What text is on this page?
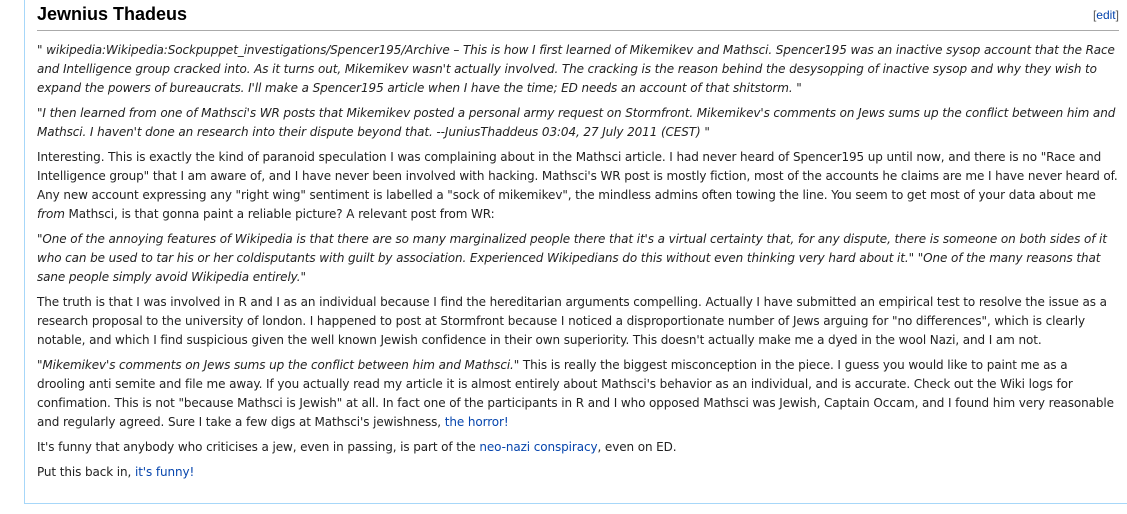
Jewnius Thadeus	[edit]

" wikipedia:Wikipedia:Sockpuppet_investigations/Spencer195/Archive – This is how I first learned of Mikemikev and Mathsci. Spencer195 was an inactive sysop account that the Race and Intelligence group cracked into. As it turns out, Mikemikev wasn't actually involved. The cracking is the reason behind the desysopping of inactive sysop and why they wish to expand the powers of bureaucrats. I'll make a Spencer195 article when I have the time; ED needs an account of that shitstorm. "

"I then learned from one of Mathsci's WR posts that Mikemikev posted a personal army request on Stormfront. Mikemikev's comments on Jews sums up the conflict between him and Mathsci. I haven't done an research into their dispute beyond that. --JuniusThaddeus 03:04, 27 July 2011 (CEST) "

Interesting. This is exactly the kind of paranoid speculation I was complaining about in the Mathsci article. I had never heard of Spencer195 up until now, and there is no "Race and Intelligence group" that I am aware of, and I have never been involved with hacking. Mathsci's WR post is mostly fiction, most of the accounts he claims are me I have never heard of. Any new account expressing any "right wing" sentiment is labelled a "sock of mikemikev", the mindless admins often towing the line. You seem to get most of your data about me from Mathsci, is that gonna paint a reliable picture? A relevant post from WR:

"One of the annoying features of Wikipedia is that there are so many marginalized people there that it's a virtual certainty that, for any dispute, there is someone on both sides of it who can be used to tar his or her coldisputants with guilt by association. Experienced Wikipedians do this without even thinking very hard about it." "One of the many reasons that sane people simply avoid Wikipedia entirely."

The truth is that I was involved in R and I as an individual because I find the hereditarian arguments compelling. Actually I have submitted an empirical test to resolve the issue as a research proposal to the university of london. I happened to post at Stormfront because I noticed a disproportionate number of Jews arguing for "no differences", which is clearly notable, and which I find suspicious given the well known Jewish confidence in their own superiority. This doesn't actually make me a dyed in the wool Nazi, and I am not.

"Mikemikev's comments on Jews sums up the conflict between him and Mathsci." This is really the biggest misconception in the piece. I guess you would like to paint me as a drooling anti semite and file me away. If you actually read my article it is almost entirely about Mathsci's behavior as an individual, and is accurate. Check out the Wiki logs for confimation. This is not "because Mathsci is Jewish" at all. In fact one of the participants in R and I who opposed Mathsci was Jewish, Captain Occam, and I found him very reasonable and regularly agreed. Sure I take a few digs at Mathsci's jewishness, the horror!

It's funny that anybody who criticises a jew, even in passing, is part of the neo-nazi conspiracy, even on ED.

Put this back in, it's funny!
